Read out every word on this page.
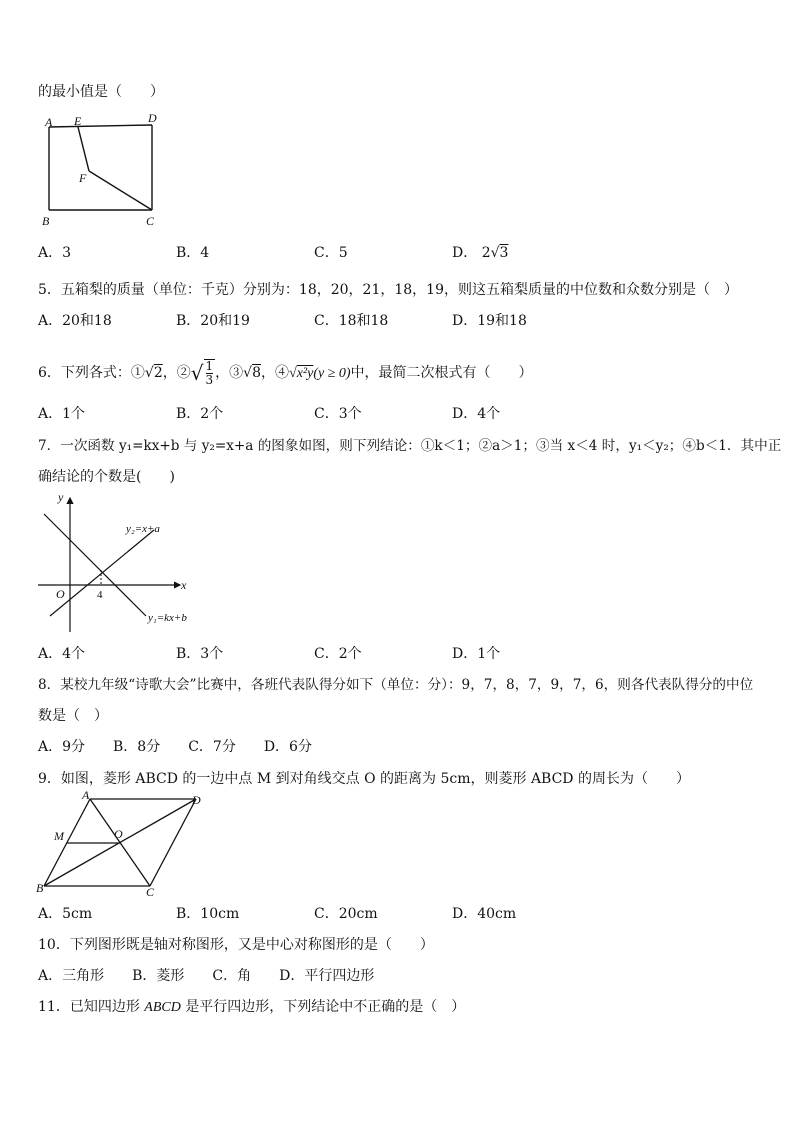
的最小值是（　　）
A E	D
F
B	C
A．3	B．4	C．5	D． 2√3
5．五箱梨的质量（单位：千克）分别为：18，20，21，18，19，则这五箱梨质量的中位数和众数分别是（　）
A．20和18	B．20和19	C．18和18	D．19和18
6．下列各式：①√2，②√ $\frac{1}{3}$ ，③√8，④√x²y(y ≥ 0)中，最简二次根式有（　　）
A．1个	B．2个	C．3个	D．4个
7．一次函数 y₁=kx+b 与 y₂=x+a 的图象如图，则下列结论：①k＜1；②a＞1；③当 x＜4 时，y₁＜y₂；④b＜1．其中正
确结论的个数是(　　)
y
x
O	4
y₂=x+a
y₁=kx+b
A．4个	B．3个	C．2个	D．1个
8．某校九年级“诗歌大会”比赛中，各班代表队得分如下（单位：分）：9，7，8，7，9，7，6，则各代表队得分的中位
数是（　）
A．9分　　B．8分　　C．7分　　D．6分
9．如图，菱形 ABCD 的一边中点 M 到对角线交点 O 的距离为 5cm，则菱形 ABCD 的周长为（　　）
A	D
M	O
B	C
A．5cm	B．10cm	C．20cm	D．40cm
10．下列图形既是轴对称图形，又是中心对称图形的是（　　）
A．三角形　　B．菱形　　C．角　　D．平行四边形
11．已知四边形 ABCD 是平行四边形，下列结论中不正确的是（　）
